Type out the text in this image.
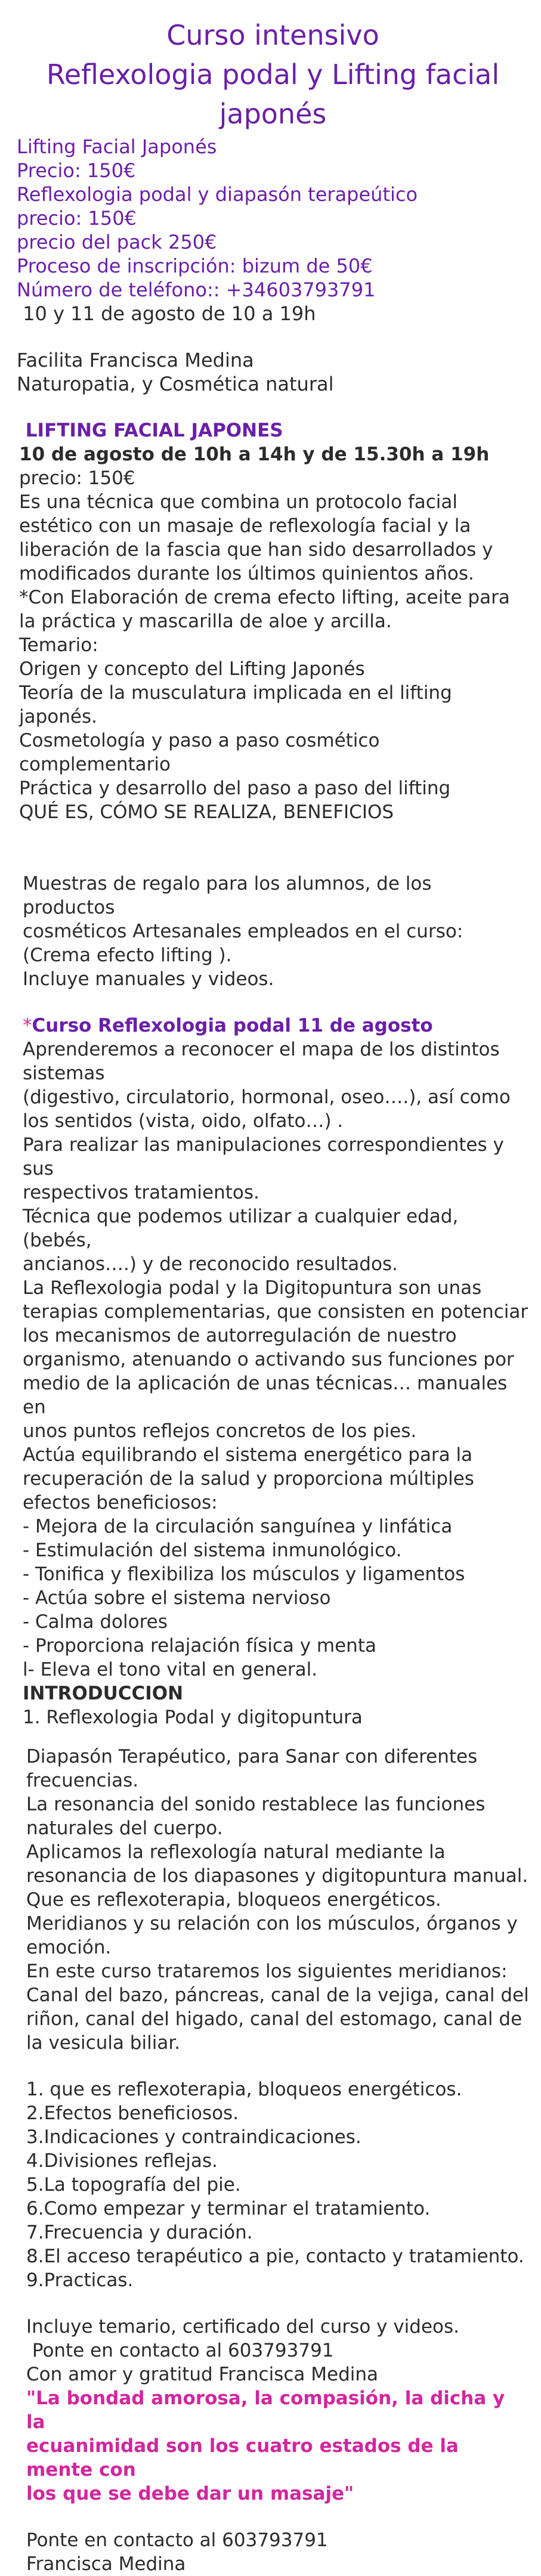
Curso intensivo
Reflexologia podal y Lifting facial
japonés
Lifting Facial Japonés
Precio: 150€
Reflexologia podal y diapasón terapeútico
precio: 150€
precio del pack 250€
Proceso de inscripción: bizum de 50€
Número de teléfono:: +34603793791
10 y 11 de agosto de 10 a 19h
Facilita Francisca Medina
Naturopatia, y Cosmética natural
LIFTING FACIAL JAPONES
10 de agosto de 10h a 14h y de 15.30h a 19h
precio: 150€
Es una técnica que combina un protocolo facial
estético con un masaje de reflexología facial y la
liberación de la fascia que han sido desarrollados y
modificados durante los últimos quinientos años.
*Con Elaboración de crema efecto lifting, aceite para
la práctica y mascarilla de aloe y arcilla.
Temario:
Origen y concepto del Lifting Japonés
Teoría de la musculatura implicada en el lifting
japonés.
Cosmetología y paso a paso cosmético complementario
Práctica y desarrollo del paso a paso del lifting
QUÉ ES, CÓMO SE REALIZA, BENEFICIOS
Muestras de regalo para los alumnos, de los productos
cosméticos Artesanales empleados en el curso:
(Crema efecto lifting ).
Incluye manuales y videos.
*Curso Reflexologia podal 11 de agosto
Aprenderemos a reconocer el mapa de los distintos
sistemas
(digestivo, circulatorio, hormonal, oseo….), así como
los sentidos (vista, oido, olfato…) .
Para realizar las manipulaciones correspondientes y sus
respectivos tratamientos.
Técnica que podemos utilizar a cualquier edad, (bebés,
ancianos….) y de reconocido resultados.
La Reflexologia podal y la Digitopuntura son unas
terapias complementarias, que consisten en potenciar
los mecanismos de autorregulación de nuestro
organismo, atenuando o activando sus funciones por
medio de la aplicación de unas técnicas… manuales en
unos puntos reflejos concretos de los pies.
Actúa equilibrando el sistema energético para la
recuperación de la salud y proporciona múltiples
efectos beneficiosos:
- Mejora de la circulación sanguínea y linfática
- Estimulación del sistema inmunológico.
- Tonifica y flexibiliza los músculos y ligamentos
- Actúa sobre el sistema nervioso
- Calma dolores
- Proporciona relajación física y menta
l- Eleva el tono vital en general.
INTRODUCCION
1. Reflexologia Podal y digitopuntura
Diapasón Terapéutico, para Sanar con diferentes
frecuencias.
La resonancia del sonido restablece las funciones
naturales del cuerpo.
Aplicamos la reflexología natural mediante la
resonancia de los diapasones y digitopuntura manual.
Que es reflexoterapia, bloqueos energéticos.
Meridianos y su relación con los músculos, órganos y
emoción.
En este curso trataremos los siguientes meridianos:
Canal del bazo, páncreas, canal de la vejiga, canal del
riñon, canal del higado, canal del estomago, canal de
la vesicula biliar.
1. que es reflexoterapia, bloqueos energéticos.
2.Efectos beneficiosos.
3.Indicaciones y contraindicaciones.
4.Divisiones reflejas.
5.La topografía del pie.
6.Como empezar y terminar el tratamiento.
7.Frecuencia y duración.
8.El acceso terapéutico a pie, contacto y tratamiento.
9.Practicas.
Incluye temario, certificado del curso y videos.
Ponte en contacto al 603793791
Con amor y gratitud Francisca Medina
"La bondad amorosa, la compasión, la dicha y la
ecuanimidad son los cuatro estados de la mente con
los que se debe dar un masaje"
Ponte en contacto al 603793791
Francisca Medina
